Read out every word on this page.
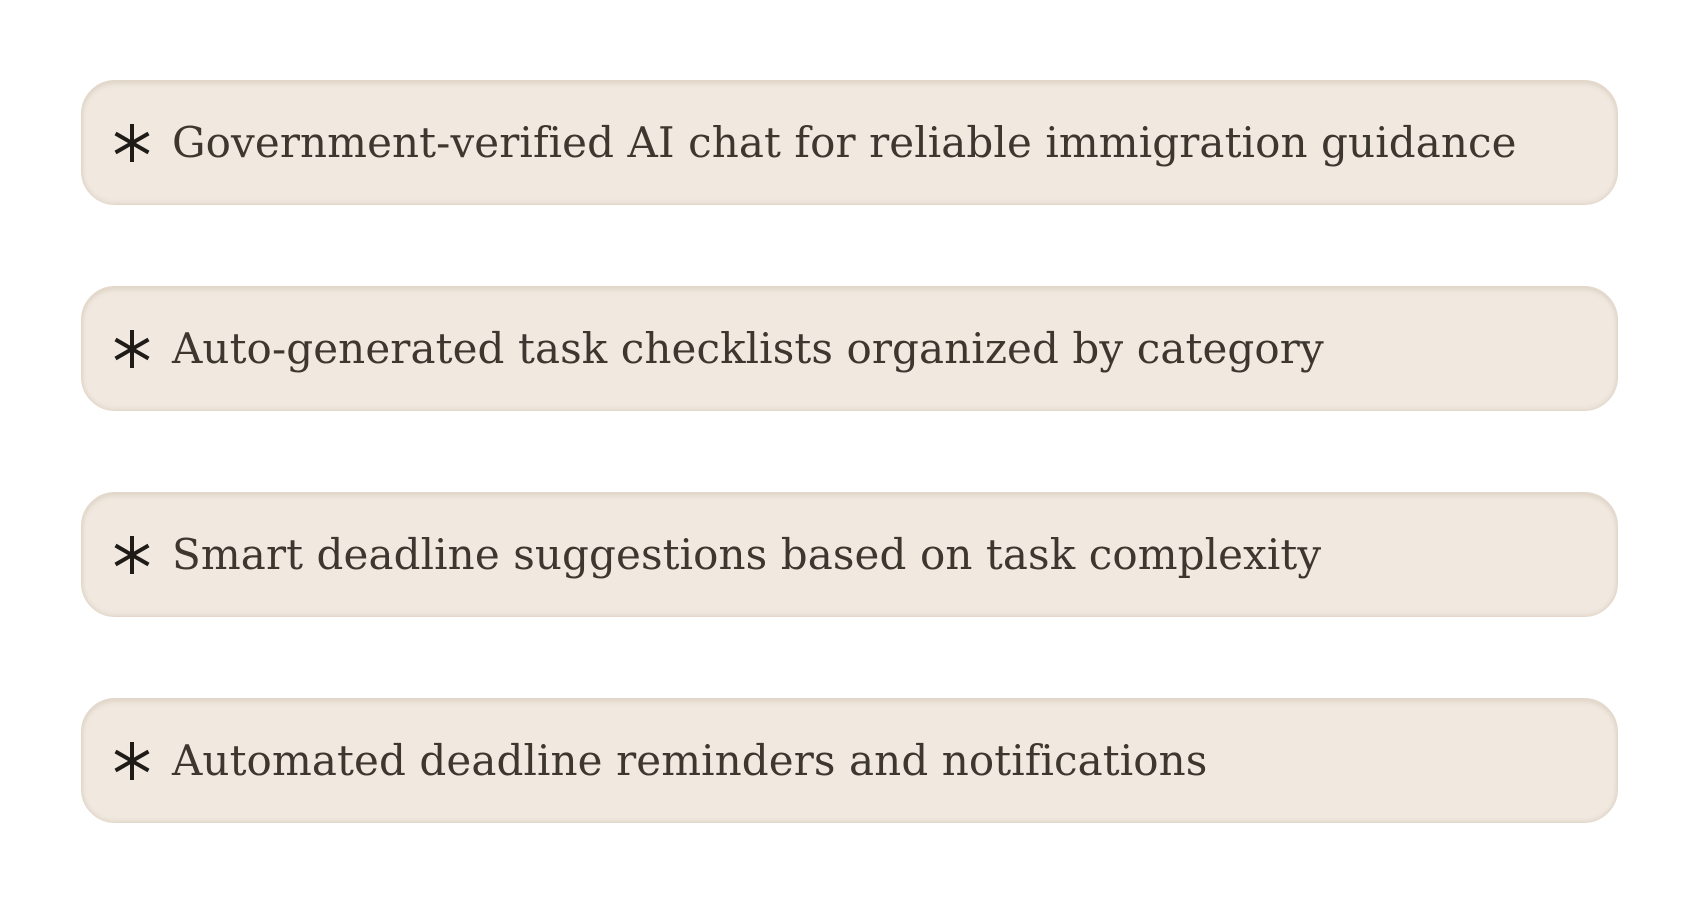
Government-verified AI chat for reliable immigration guidance
Auto-generated task checklists organized by category
Smart deadline suggestions based on task complexity
Automated deadline reminders and notifications
